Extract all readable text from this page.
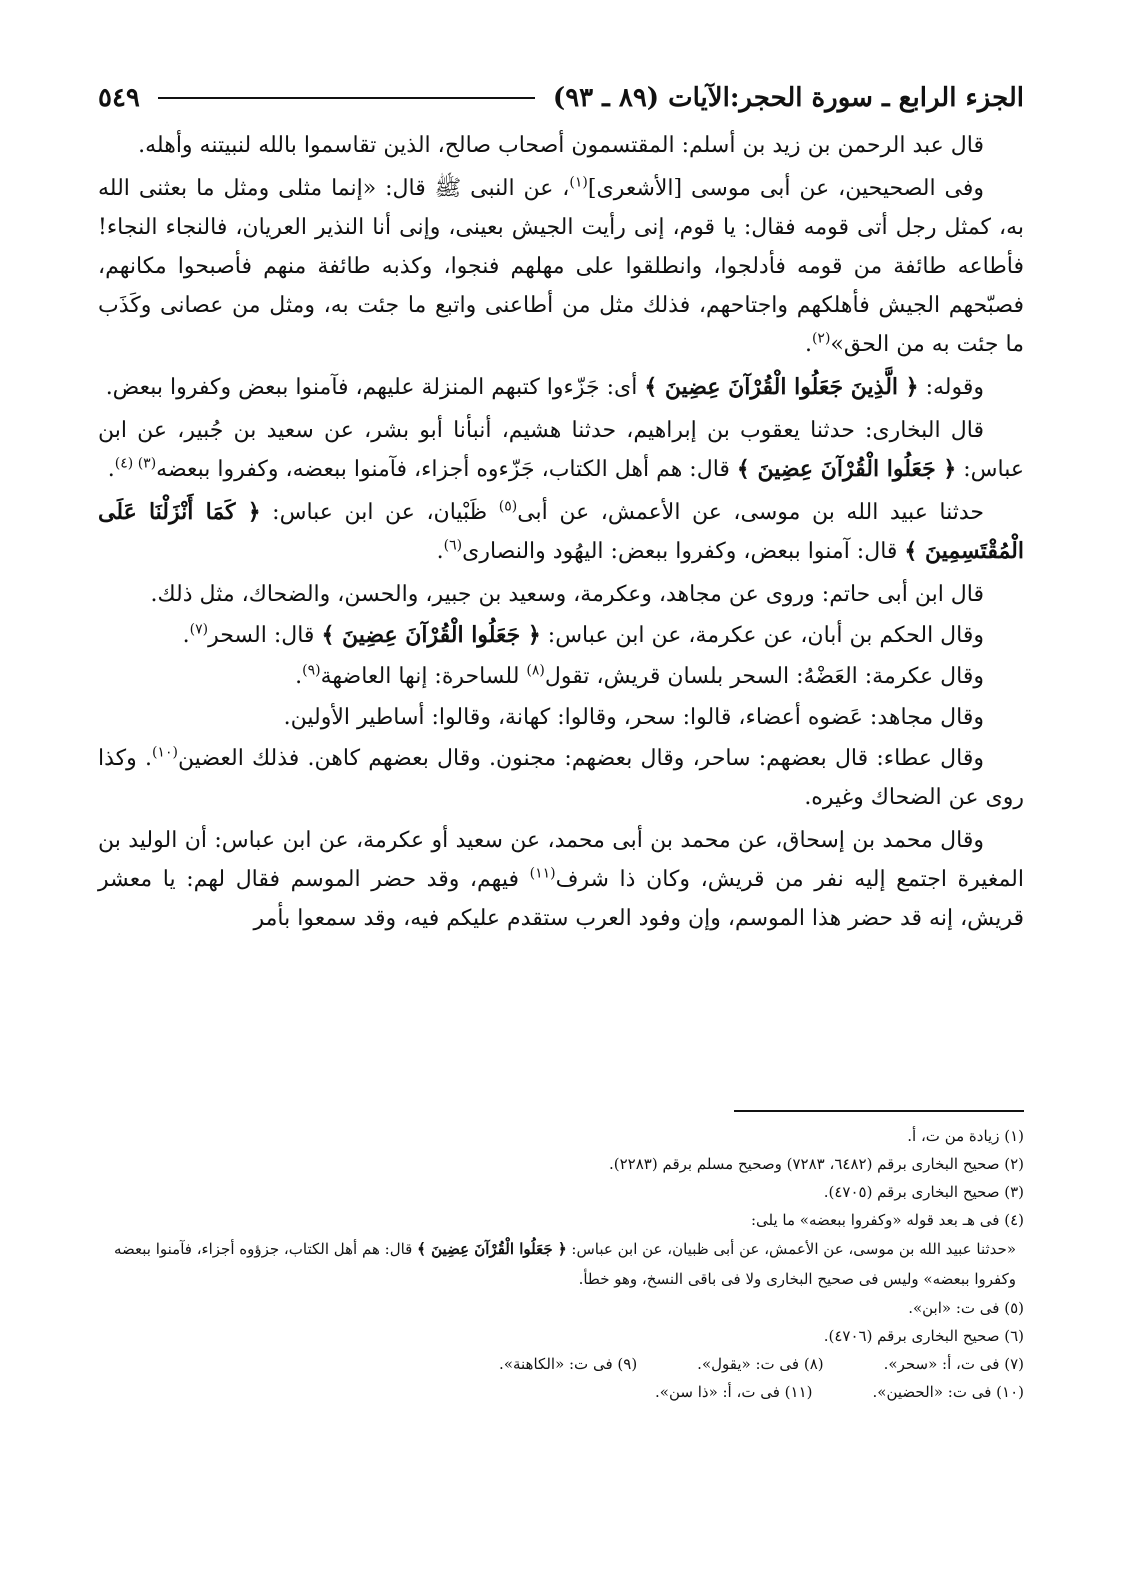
الجزء الرابع ـ سورة الحجر:الآيات (٨٩ ـ ٩٣)
٥٤٩

قال عبد الرحمن بن زيد بن أسلم: المقتسمون أصحاب صالح، الذين تقاسموا بالله لنبيتنه وأهله.

وفى الصحيحين، عن أبى موسى [الأشعرى]$^{(١)}$، عن النبى ﷺ قال: «إنما مثلى ومثل ما بعثنى الله به، كمثل رجل أتى قومه فقال: يا قوم، إنى رأيت الجيش بعينى، وإنى أنا النذير العريان، فالنجاء النجاء! فأطاعه طائفة من قومه فأدلجوا، وانطلقوا على مهلهم فنجوا، وكذبه طائفة منهم فأصبحوا مكانهم، فصبّحهم الجيش فأهلكهم واجتاحهم، فذلك مثل من أطاعنى واتبع ما جئت به، ومثل من عصانى وكَذَب ما جئت به من الحق»$^{(٢)}$.

وقوله: ﴿ الَّذِينَ جَعَلُوا الْقُرْآنَ عِضِينَ ﴾ أى: جَزّءوا كتبهم المنزلة عليهم، فآمنوا ببعض وكفروا ببعض.

قال البخارى: حدثنا يعقوب بن إبراهيم، حدثنا هشيم، أنبأنا أبو بشر، عن سعيد بن جُبير، عن ابن عباس: ﴿ جَعَلُوا الْقُرْآنَ عِضِينَ ﴾ قال: هم أهل الكتاب، جَزّءوه أجزاء، فآمنوا ببعضه، وكفروا ببعضه$^{(٣) (٤)}$.

حدثنا عبيد الله بن موسى، عن الأعمش، عن أبى$^{(٥)}$ ظَبْيان، عن ابن عباس: ﴿ كَمَا أَنْزَلْنَا عَلَى الْمُقْتَسِمِينَ ﴾ قال: آمنوا ببعض، وكفروا ببعض: اليهُود والنصارى$^{(٦)}$.

قال ابن أبى حاتم: وروى عن مجاهد، وعكرمة، وسعيد بن جبير، والحسن، والضحاك، مثل ذلك.

وقال الحكم بن أبان، عن عكرمة، عن ابن عباس: ﴿ جَعَلُوا الْقُرْآنَ عِضِينَ ﴾ قال: السحر$^{(٧)}$.

وقال عكرمة: العَضْهُ: السحر بلسان قريش، تقول$^{(٨)}$ للساحرة: إنها العاضهة$^{(٩)}$.

وقال مجاهد: عَضوه أعضاء، قالوا: سحر، وقالوا: كهانة، وقالوا: أساطير الأولين.

وقال عطاء: قال بعضهم: ساحر، وقال بعضهم: مجنون. وقال بعضهم كاهن. فذلك العضين$^{(١٠)}$. وكذا روى عن الضحاك وغيره.

وقال محمد بن إسحاق، عن محمد بن أبى محمد، عن سعيد أو عكرمة، عن ابن عباس: أن الوليد بن المغيرة اجتمع إليه نفر من قريش، وكان ذا شرف$^{(١١)}$ فيهم، وقد حضر الموسم فقال لهم: يا معشر قريش، إنه قد حضر هذا الموسم، وإن وفود العرب ستقدم عليكم فيه، وقد سمعوا بأمر

(١) زيادة من ت، أ.

(٢) صحيح البخارى برقم (٦٤٨٢، ٧٢٨٣) وصحيح مسلم برقم (٢٢٨٣).

(٣) صحيح البخارى برقم (٤٧٠٥).

(٤) فى هـ بعد قوله «وكفروا ببعضه» ما يلى:

«حدثنا عبيد الله بن موسى، عن الأعمش، عن أبى ظبيان، عن ابن عباس: ﴿ جَعَلُوا الْقُرْآنَ عِضِينَ ﴾ قال: هم أهل الكتاب، جزؤوه أجزاء، فآمنوا ببعضه وكفروا ببعضه» وليس فى صحيح البخارى ولا فى باقى النسخ، وهو خطأ.

(٥) فى ت: «ابن».

(٦) صحيح البخارى برقم (٤٧٠٦).

(٧) فى ت، أ: «سحر».
(٨) فى ت: «يقول».
(٩) فى ت: «الكاهنة».
(١٠) فى ت: «الحضين».
(١١) فى ت، أ: «ذا سن».
